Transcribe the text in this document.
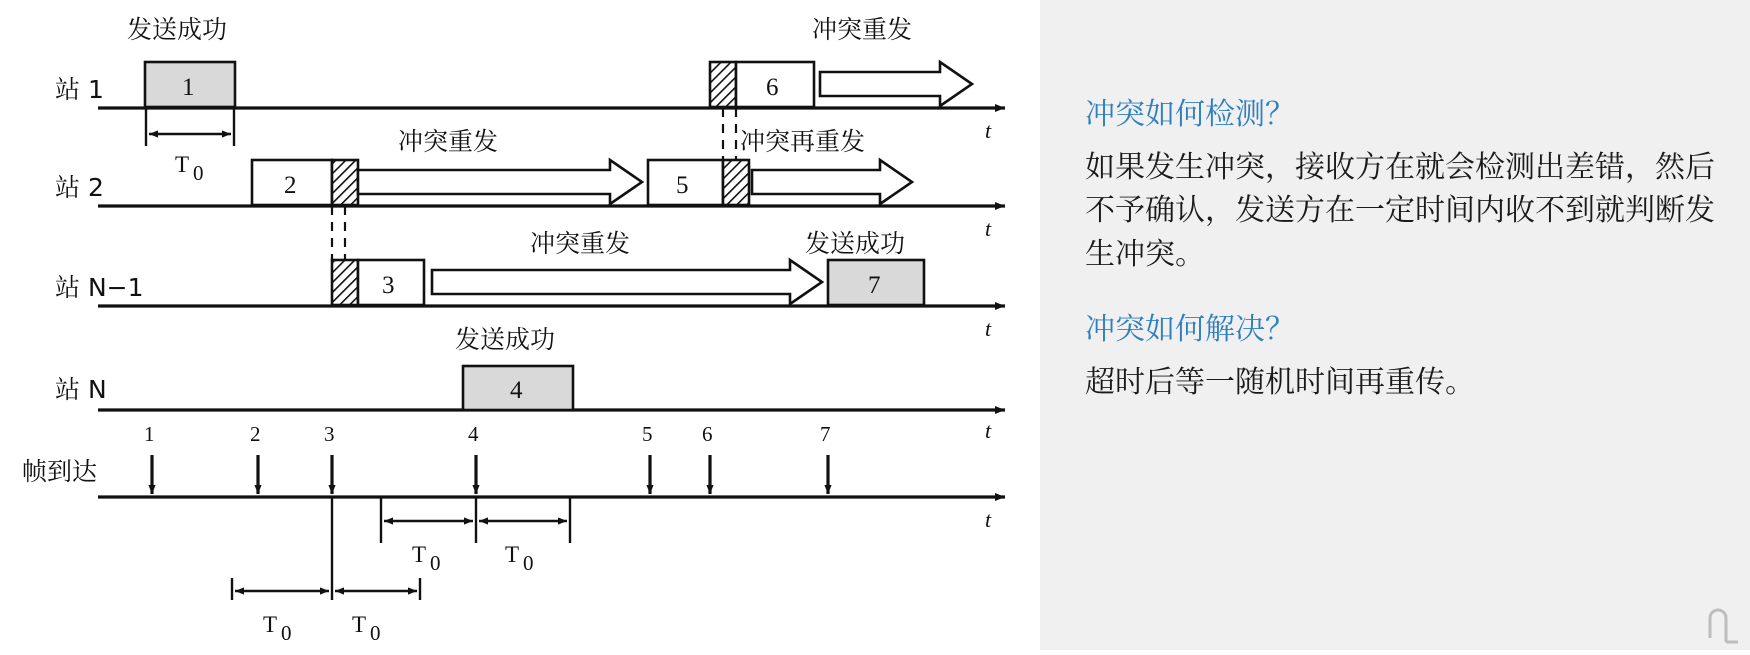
站 1
t
发送成功
1
T 0
冲突重发
6
站 2
t
冲突重发
2
冲突再重发
5
站 N−1
t
冲突重发
3
发送成功
7
站 N
t
发送成功
4
帧到达
t
1	2	3	4	5 6	7
T 0	T 0
T 0	T 0

冲突如何检测？

如果发生冲突，接收方在就会检测出差错，然后不予确认，发送方在一定时间内收不到就判断发生冲突。

冲突如何解决？

超时后等一随机时间再重传。
